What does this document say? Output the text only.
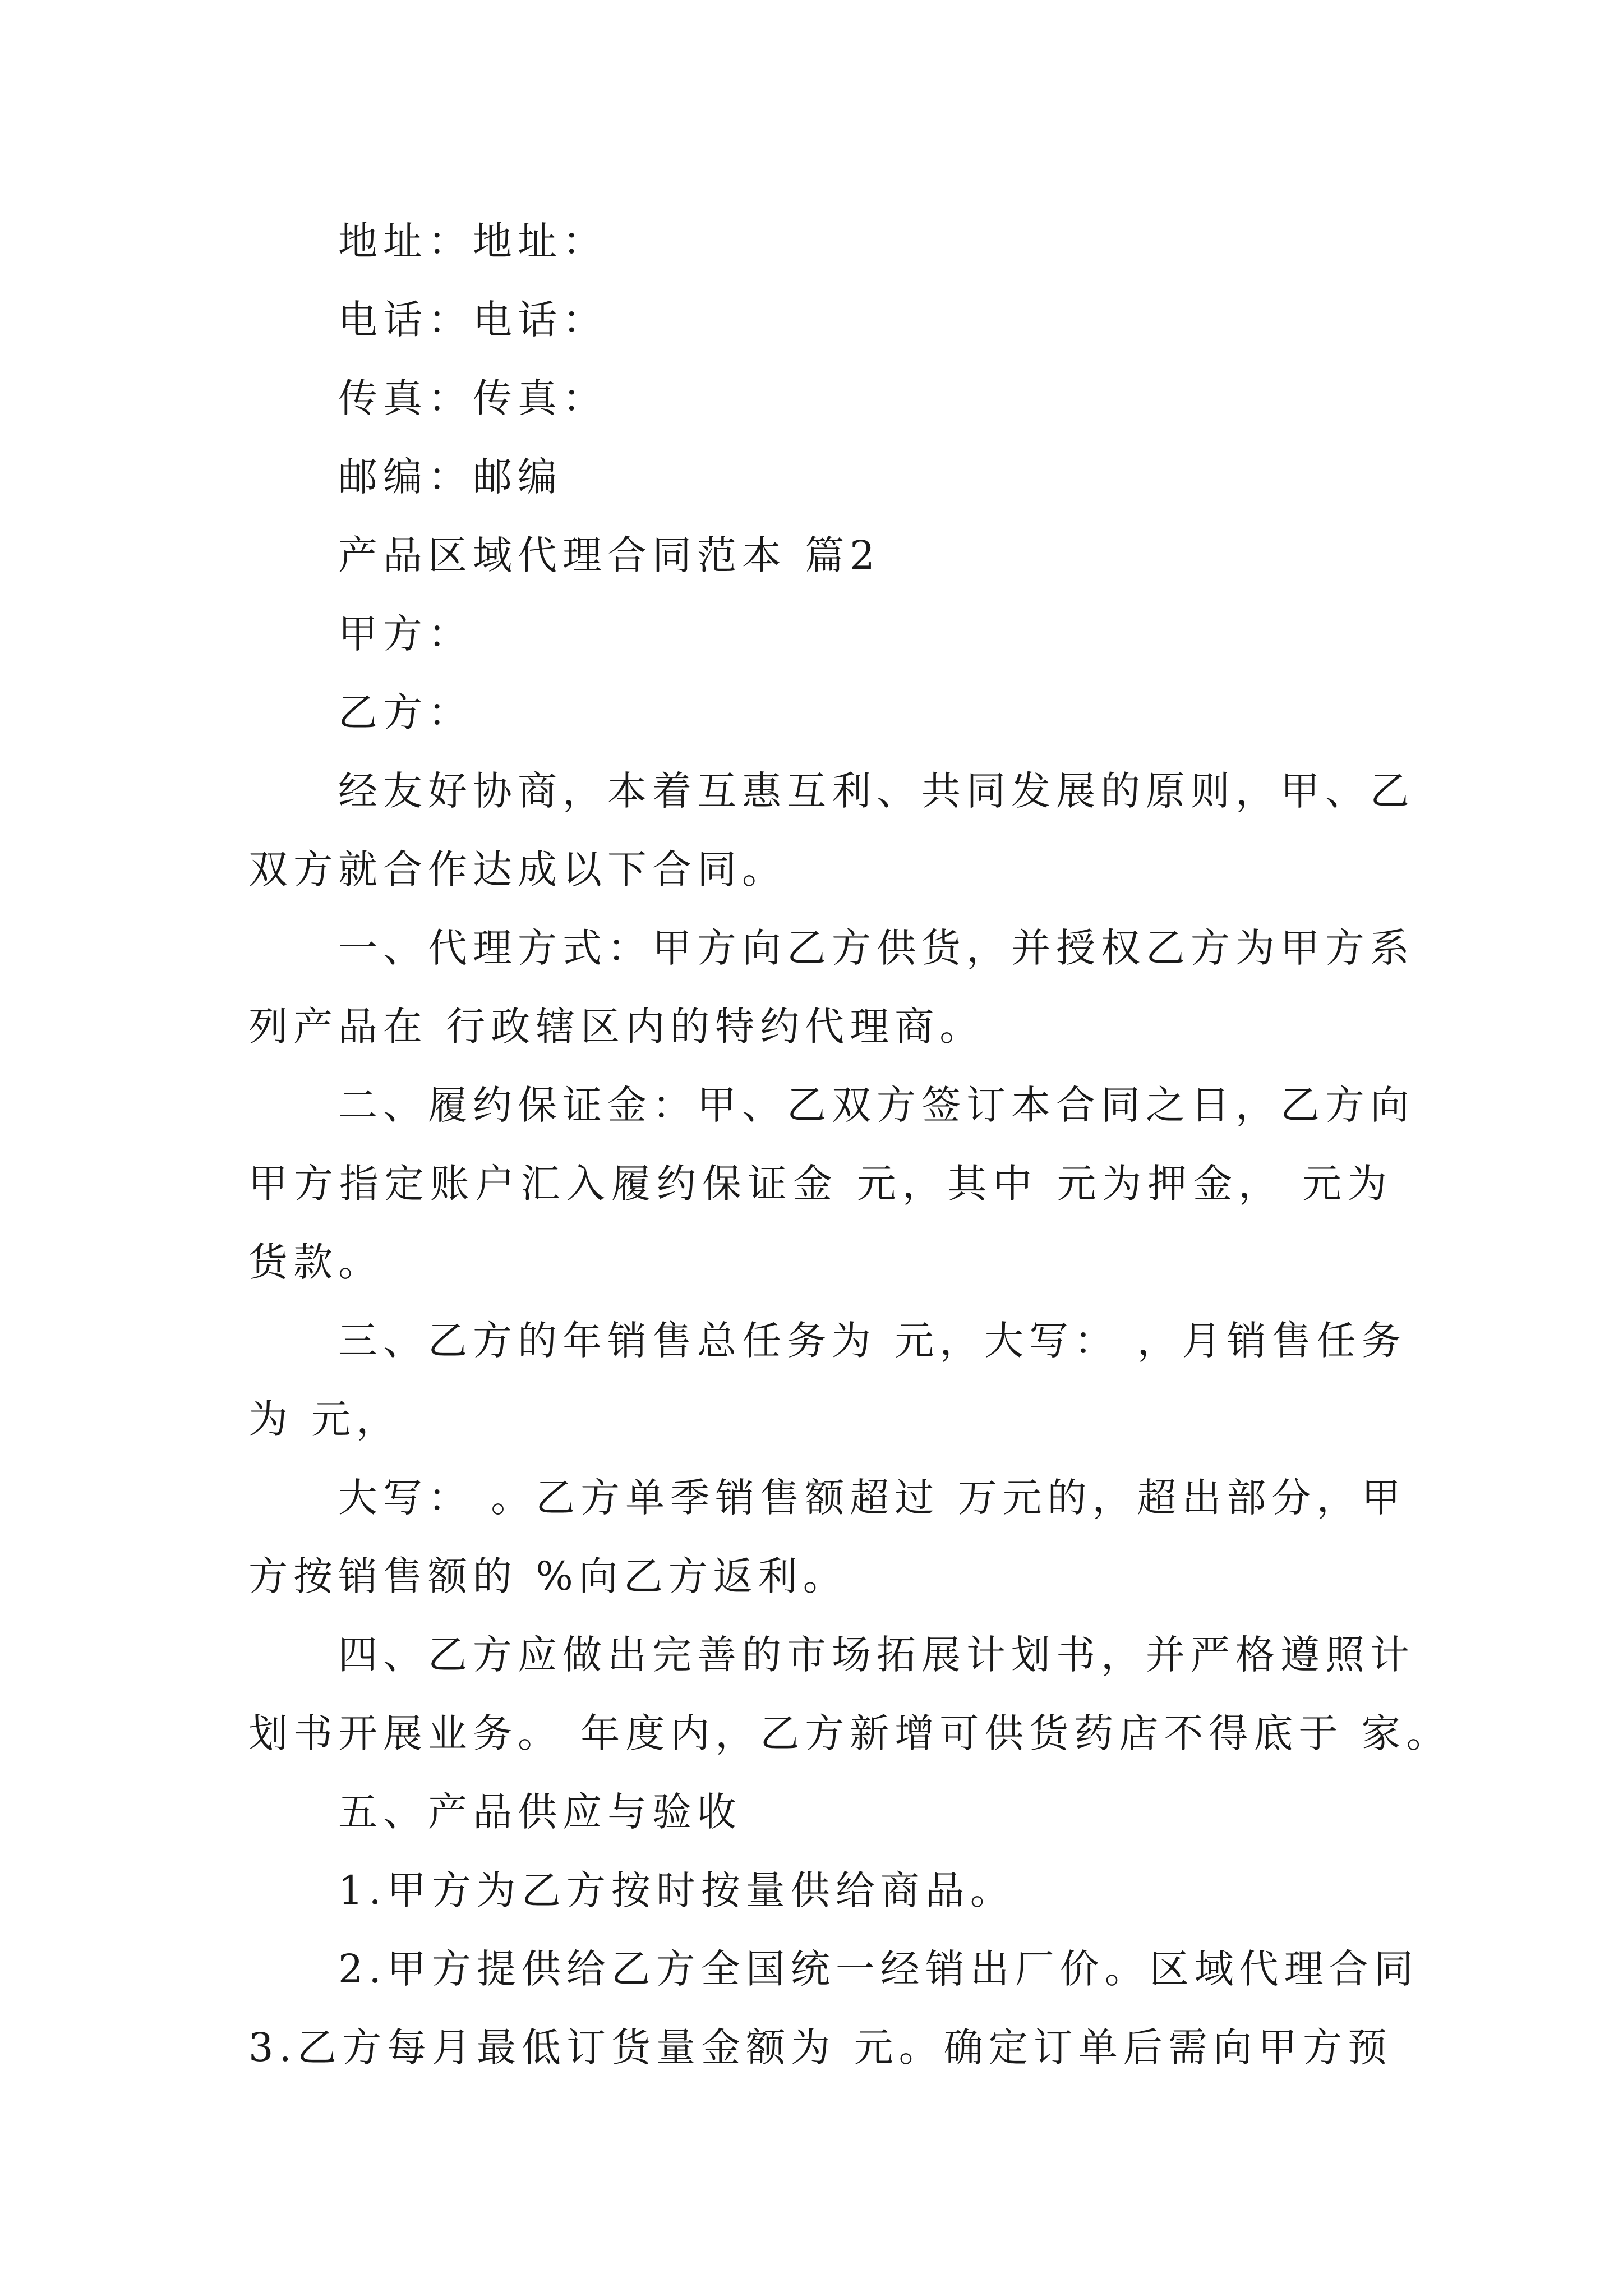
地址：地址：
电话：电话：
传真：传真：
邮编：邮编
产品区域代理合同范本 篇2
甲方：
乙方：
经友好协商，本着互惠互利、共同发展的原则，甲、乙
双方就合作达成以下合同。
一、代理方式：甲方向乙方供货，并授权乙方为甲方系
列产品在 行政辖区内的特约代理商。
二、履约保证金：甲、乙双方签订本合同之日，乙方向
甲方指定账户汇入履约保证金 元，其中 元为押金， 元为
货款。
三、乙方的年销售总任务为 元，大写： ，月销售任务
为 元，
大写： 。乙方单季销售额超过 万元的，超出部分，甲
方按销售额的 %向乙方返利。
四、乙方应做出完善的市场拓展计划书，并严格遵照计
划书开展业务。 年度内，乙方新增可供货药店不得底于 家。
五、产品供应与验收
1.甲方为乙方按时按量供给商品。
2.甲方提供给乙方全国统一经销出厂价。区域代理合同
3.乙方每月最低订货量金额为 元。确定订单后需向甲方预
